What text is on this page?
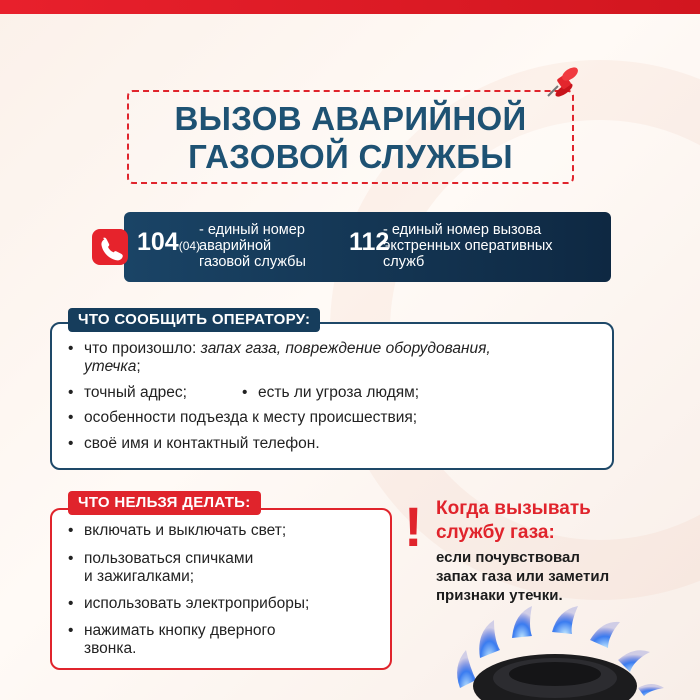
ВЫЗОВ АВАРИЙНОЙ
ГАЗОВОЙ СЛУЖБЫ
104(04)
- единый номер
аварийной
газовой службы
112
- единый номер вызова
экстренных оперативных
служб
ЧТО СООБЩИТЬ ОПЕРАТОРУ:
• что произошло: запах газа, повреждение оборудования,
утечка;
• точный адрес;	• есть ли угроза людям;
• особенности подъезда к месту происшествия;
• своё имя и контактный телефон.
ЧТО НЕЛЬЗЯ ДЕЛАТЬ:
• включать и выключать свет;
• пользоваться спичками
и зажигалками;
• использовать электроприборы;
• нажимать кнопку дверного
звонка.
! Когда вызывать
службу газа:
если почувствовал
запах газа или заметил
признаки утечки.
